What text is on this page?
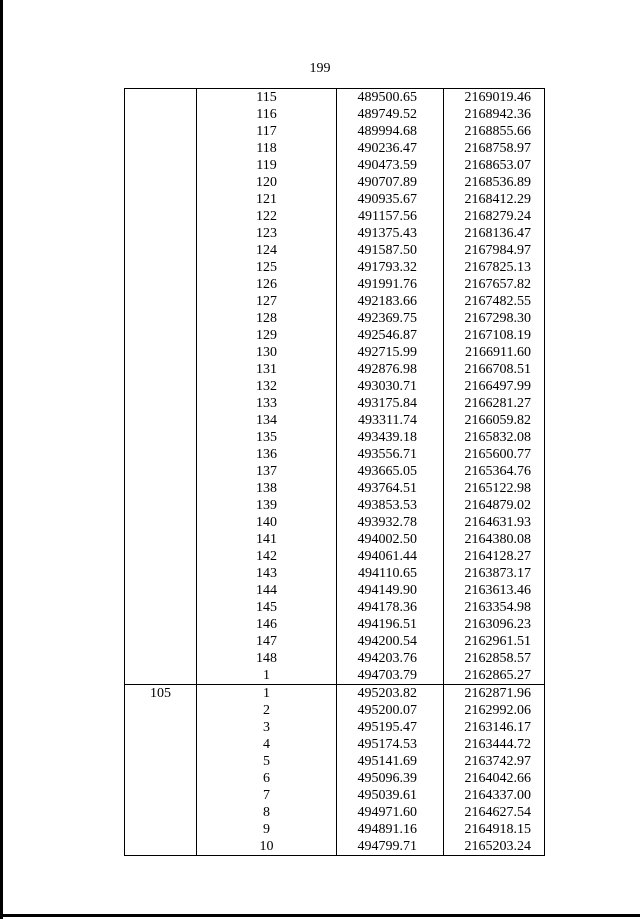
199
	115	489500.65	2169019.46
	116	489749.52	2168942.36
	117	489994.68	2168855.66
	118	490236.47	2168758.97
	119	490473.59	2168653.07
	120	490707.89	2168536.89
	121	490935.67	2168412.29
	122	491157.56	2168279.24
	123	491375.43	2168136.47
	124	491587.50	2167984.97
	125	491793.32	2167825.13
	126	491991.76	2167657.82
	127	492183.66	2167482.55
	128	492369.75	2167298.30
	129	492546.87	2167108.19
	130	492715.99	2166911.60
	131	492876.98	2166708.51
	132	493030.71	2166497.99
	133	493175.84	2166281.27
	134	493311.74	2166059.82
	135	493439.18	2165832.08
	136	493556.71	2165600.77
	137	493665.05	2165364.76
	138	493764.51	2165122.98
	139	493853.53	2164879.02
	140	493932.78	2164631.93
	141	494002.50	2164380.08
	142	494061.44	2164128.27
	143	494110.65	2163873.17
	144	494149.90	2163613.46
	145	494178.36	2163354.98
	146	494196.51	2163096.23
	147	494200.54	2162961.51
	148	494203.76	2162858.57
	1	494703.79	2162865.27
105	1	495203.82	2162871.96
	2	495200.07	2162992.06
	3	495195.47	2163146.17
	4	495174.53	2163444.72
	5	495141.69	2163742.97
	6	495096.39	2164042.66
	7	495039.61	2164337.00
	8	494971.60	2164627.54
	9	494891.16	2164918.15
	10	494799.71	2165203.24
